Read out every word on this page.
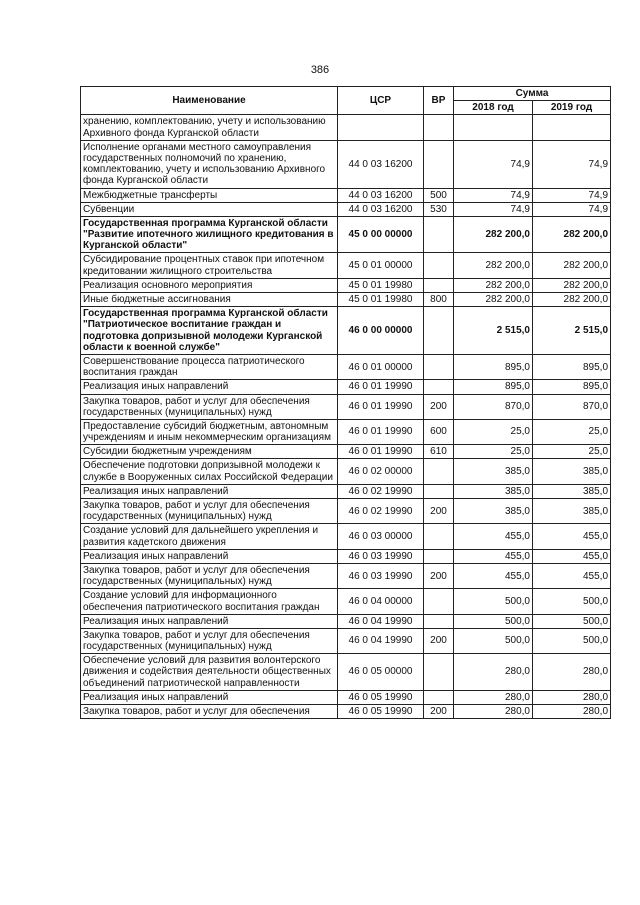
386
Наименование	ЦСР	ВР	Сумма	
			2018 год	2019 год
хранению, комплектованию, учету и использованию Архивного фонда Курганской области				
Исполнение органами местного самоуправления государственных полномочий по хранению, комплектованию, учету и использованию Архивного фонда Курганской области	44 0 03 16200		74,9	74,9
Межбюджетные трансферты	44 0 03 16200	500	74,9	74,9
Субвенции	44 0 03 16200	530	74,9	74,9
Государственная программа Курганской области "Развитие ипотечного жилищного кредитования в Курганской области"	45 0 00 00000		282 200,0	282 200,0
Субсидирование процентных ставок при ипотечном кредитовании жилищного строительства	45 0 01 00000		282 200,0	282 200,0
Реализация основного мероприятия	45 0 01 19980		282 200,0	282 200,0
Иные бюджетные ассигнования	45 0 01 19980	800	282 200,0	282 200,0
Государственная программа Курганской области "Патриотическое воспитание граждан и подготовка допризывной молодежи Курганской области к военной службе"	46 0 00 00000		2 515,0	2 515,0
Совершенствование процесса патриотического воспитания граждан	46 0 01 00000		895,0	895,0
Реализация иных направлений	46 0 01 19990		895,0	895,0
Закупка товаров, работ и услуг для обеспечения государственных (муниципальных) нужд	46 0 01 19990	200	870,0	870,0
Предоставление субсидий бюджетным, автономным учреждениям и иным некоммерческим организациям	46 0 01 19990	600	25,0	25,0
Субсидии бюджетным учреждениям	46 0 01 19990	610	25,0	25,0
Обеспечение подготовки допризывной молодежи к службе в Вооруженных силах Российской Федерации	46 0 02 00000		385,0	385,0
Реализация иных направлений	46 0 02 19990		385,0	385,0
Закупка товаров, работ и услуг для обеспечения государственных (муниципальных) нужд	46 0 02 19990	200	385,0	385,0
Создание условий для дальнейшего укрепления и развития кадетского движения	46 0 03 00000		455,0	455,0
Реализация иных направлений	46 0 03 19990		455,0	455,0
Закупка товаров, работ и услуг для обеспечения государственных (муниципальных) нужд	46 0 03 19990	200	455,0	455,0
Создание условий для информационного обеспечения патриотического воспитания граждан	46 0 04 00000		500,0	500,0
Реализация иных направлений	46 0 04 19990		500,0	500,0
Закупка товаров, работ и услуг для обеспечения государственных (муниципальных) нужд	46 0 04 19990	200	500,0	500,0
Обеспечение условий для развития волонтерского движения и содействия деятельности общественных объединений патриотической направленности	46 0 05 00000		280,0	280,0
Реализация иных направлений	46 0 05 19990		280,0	280,0
Закупка товаров, работ и услуг для обеспечения	46 0 05 19990	200	280,0	280,0
